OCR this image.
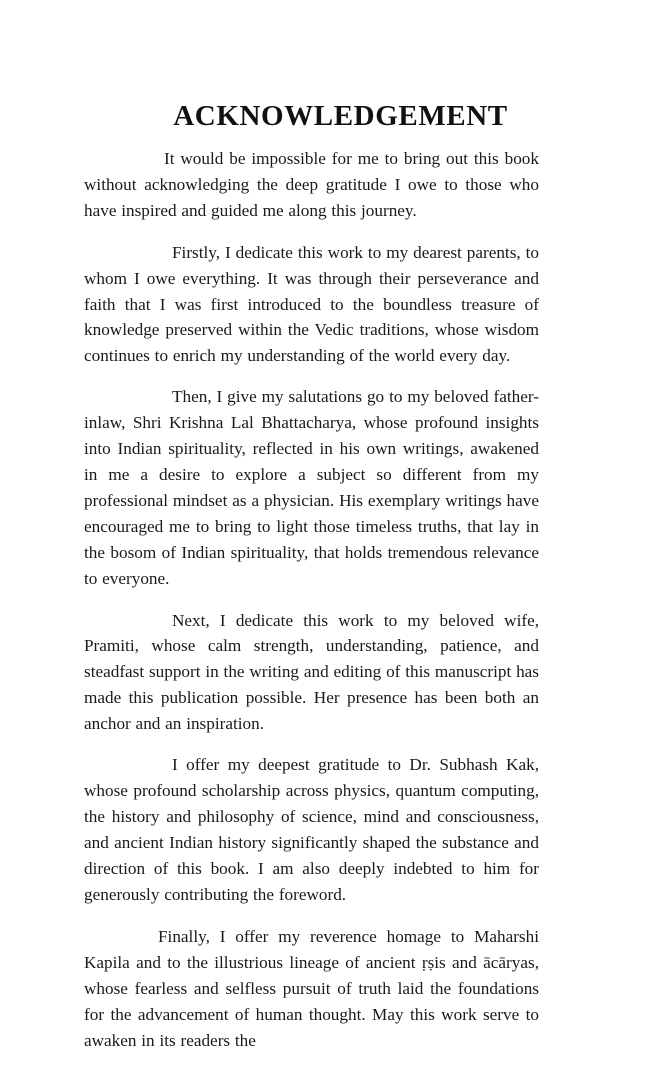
ACKNOWLEDGEMENT

It would be impossible for me to bring out this book without acknowledging the deep gratitude I owe to those who have inspired and guided me along this journey.

Firstly, I dedicate this work to my dearest parents, to whom I owe everything. It was through their perseverance and faith that I was first introduced to the boundless treasure of knowledge preserved within the Vedic traditions, whose wisdom continues to enrich my understanding of the world every day.

Then, I give my salutations go to my beloved father-inlaw, Shri Krishna Lal Bhattacharya, whose profound insights into Indian spirituality, reflected in his own writings, awakened in me a desire to explore a subject so different from my professional mindset as a physician. His exemplary writings have encouraged me to bring to light those timeless truths, that lay in the bosom of Indian spirituality, that holds tremendous relevance to everyone.

Next, I dedicate this work to my beloved wife, Pramiti, whose calm strength, understanding, patience, and steadfast support in the writing and editing of this manuscript has made this publication possible. Her presence has been both an anchor and an inspiration.

I offer my deepest gratitude to Dr. Subhash Kak, whose profound scholarship across physics, quantum computing, the history and philosophy of science, mind and consciousness, and ancient Indian history significantly shaped the substance and direction of this book. I am also deeply indebted to him for generously contributing the foreword.

Finally, I offer my reverence homage to Maharshi Kapila and to the illustrious lineage of ancient ṛṣis and ācāryas, whose fearless and selfless pursuit of truth laid the foundations for the advancement of human thought. May this work serve to awaken in its readers the
